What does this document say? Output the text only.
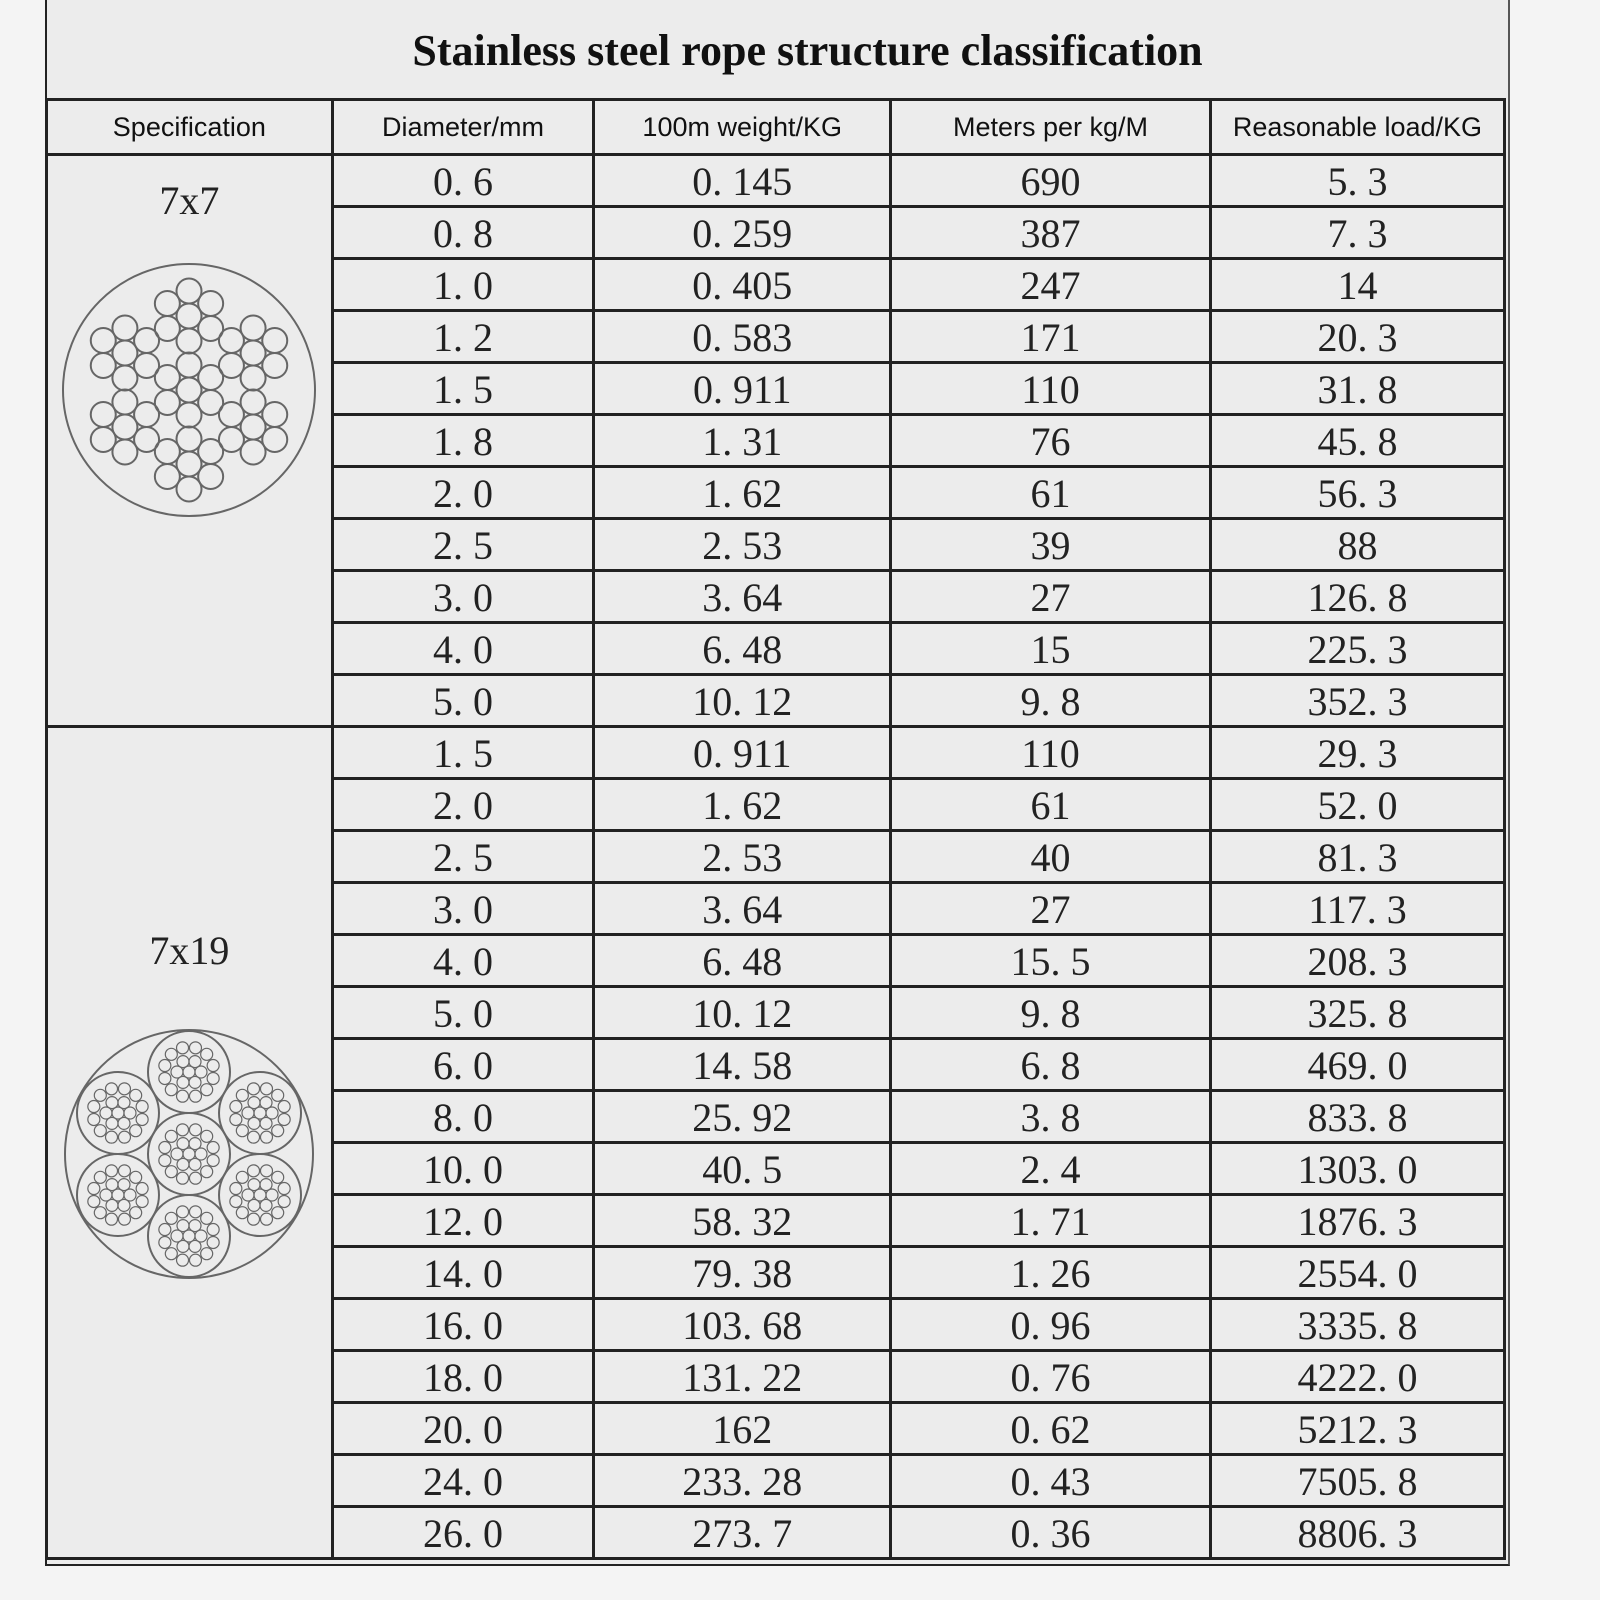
Stainless steel rope structure classification
Specification	Diameter/mm	100m weight/KG	Meters per kg/M	Reasonable load/KG

7x7	0. 6	0. 145	690	5. 3
	0. 8	0. 259	387	7. 3
	1. 0	0. 405	247	14
	1. 2	0. 583	171	20. 3
	1. 5	0. 911	110	31. 8
	1. 8	1. 31	76	45. 8
	2. 0	1. 62	61	56. 3
	2. 5	2. 53	39	88
	3. 0	3. 64	27	126. 8
	4. 0	6. 48	15	225. 3
	5. 0	10. 12	9. 8	352. 3

7x19	1. 5	0. 911	110	29. 3
	2. 0	1. 62	61	52. 0
	2. 5	2. 53	40	81. 3
	3. 0	3. 64	27	117. 3
	4. 0	6. 48	15. 5	208. 3
	5. 0	10. 12	9. 8	325. 8
	6. 0	14. 58	6. 8	469. 0
	8. 0	25. 92	3. 8	833. 8
	10. 0	40. 5	2. 4	1303. 0
	12. 0	58. 32	1. 71	1876. 3
	14. 0	79. 38	1. 26	2554. 0
	16. 0	103. 68	0. 96	3335. 8
	18. 0	131. 22	0. 76	4222. 0
	20. 0	162	0. 62	5212. 3
	24. 0	233. 28	0. 43	7505. 8
	26. 0	273. 7	0. 36	8806. 3
